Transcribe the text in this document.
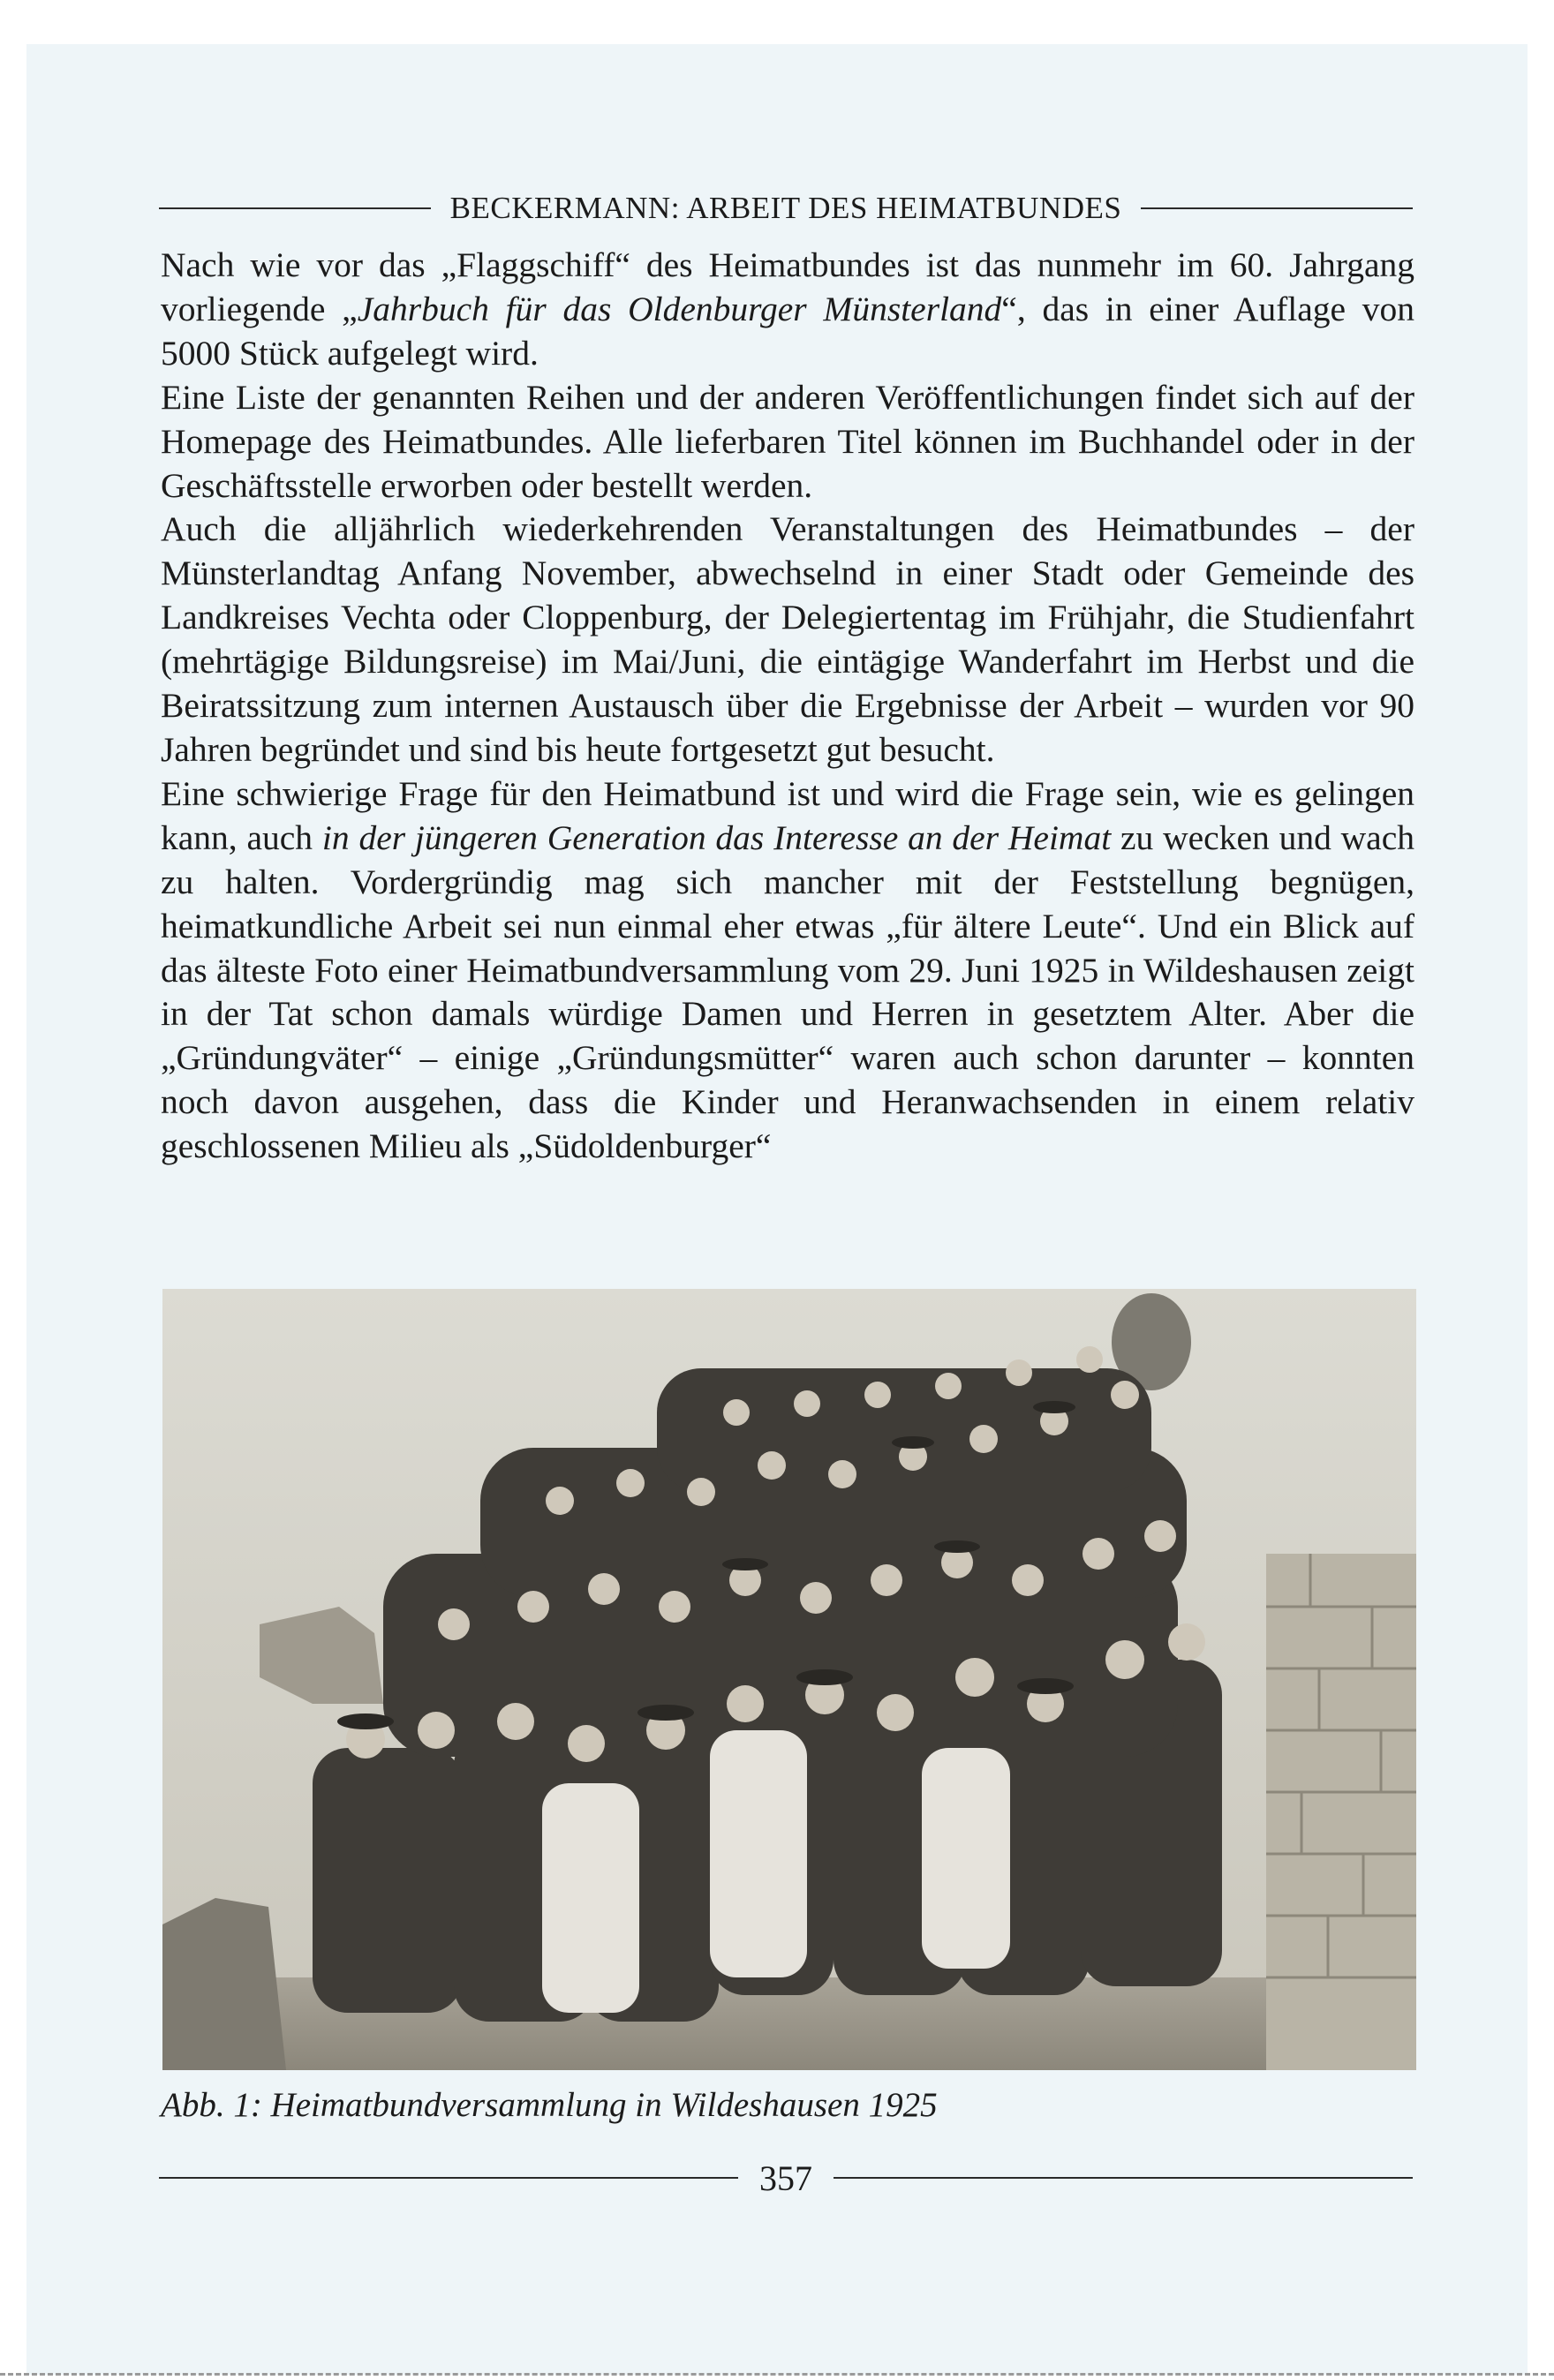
BECKERMANN: ARBEIT DES HEIMATBUNDES

Nach wie vor das „Flaggschiff“ des Heimatbundes ist das nunmehr im 60. Jahrgang vorliegende „Jahrbuch für das Oldenburger Münsterland“, das in einer Auflage von 5000 Stück aufgelegt wird.

Eine Liste der genannten Reihen und der anderen Veröffentlichungen findet sich auf der Homepage des Heimatbundes. Alle lieferbaren Titel können im Buchhandel oder in der Geschäftsstelle erworben oder bestellt werden.

Auch die alljährlich wiederkehrenden Veranstaltungen des Heimatbundes – der Münsterlandtag Anfang November, abwechselnd in einer Stadt oder Gemeinde des Landkreises Vechta oder Cloppenburg, der Delegiertentag im Frühjahr, die Studienfahrt (mehrtägige Bildungsreise) im Mai/Juni, die eintägige Wanderfahrt im Herbst und die Beiratssitzung zum internen Austausch über die Ergebnisse der Arbeit – wurden vor 90 Jahren begründet und sind bis heute fortgesetzt gut besucht.

Eine schwierige Frage für den Heimatbund ist und wird die Frage sein, wie es gelingen kann, auch in der jüngeren Generation das Interesse an der Heimat zu wecken und wach zu halten. Vordergründig mag sich mancher mit der Feststellung begnügen, heimatkundliche Arbeit sei nun einmal eher etwas „für ältere Leute“. Und ein Blick auf das älteste Foto einer Heimatbundversammlung vom 29. Juni 1925 in Wildeshausen zeigt in der Tat schon damals würdige Damen und Herren in gesetztem Alter. Aber die „Gründungväter“ – einige „Gründungsmütter“ waren auch schon darunter – konnten noch davon ausgehen, dass die Kinder und Heranwachsenden in einem relativ geschlossenen Milieu als „Südoldenburger“

Abb. 1: Heimatbundversammlung in Wildeshausen 1925
357
